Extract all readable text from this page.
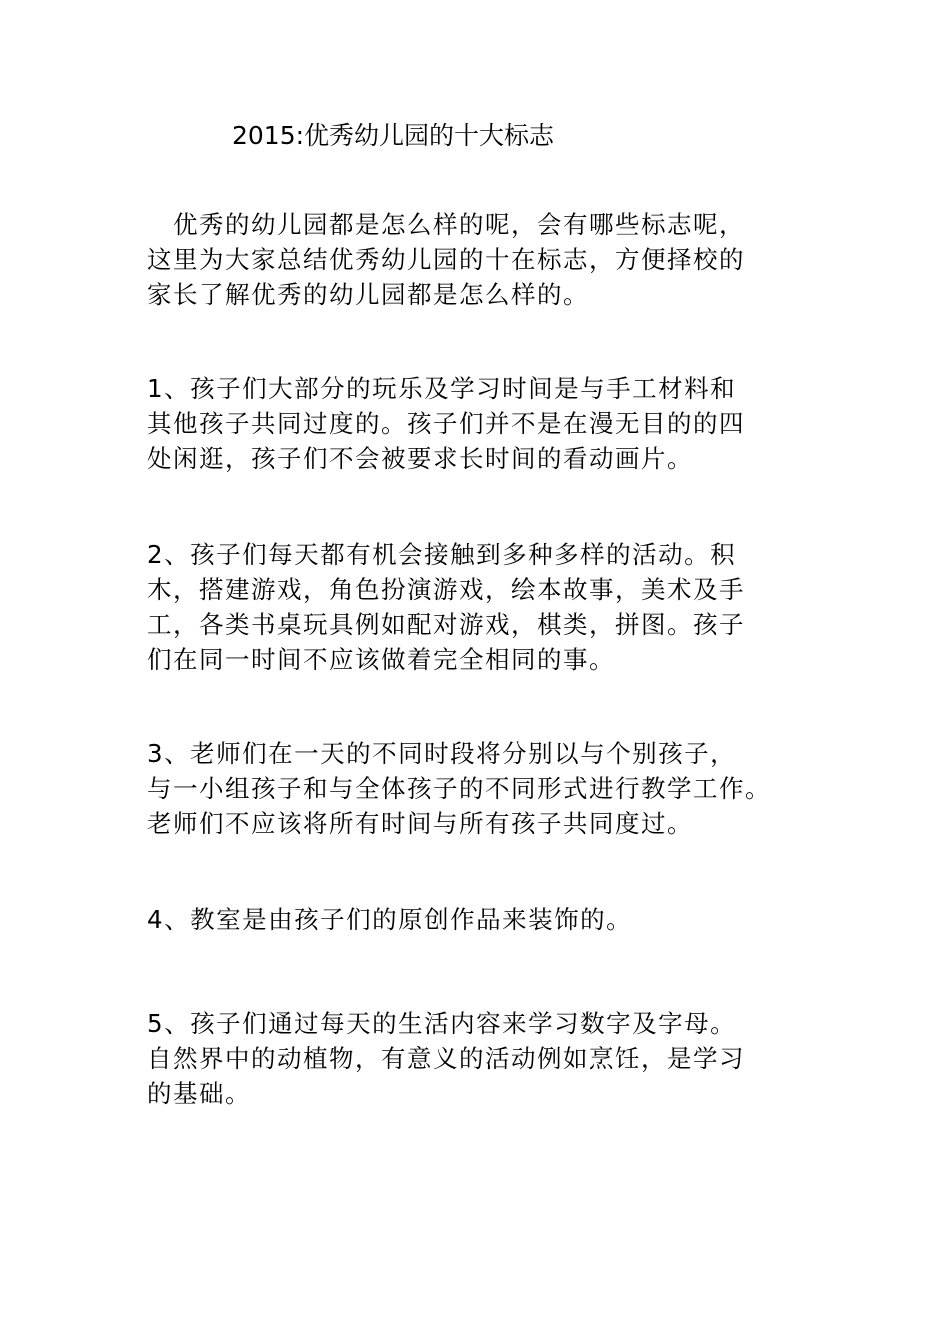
2015:优秀幼儿园的十大标志

　优秀的幼儿园都是怎么样的呢，会有哪些标志呢，
这里为大家总结优秀幼儿园的十在标志，方便择校的
家长了解优秀的幼儿园都是怎么样的。

1、孩子们大部分的玩乐及学习时间是与手工材料和
其他孩子共同过度的。孩子们并不是在漫无目的的四
处闲逛，孩子们不会被要求长时间的看动画片。

2、孩子们每天都有机会接触到多种多样的活动。积
木，搭建游戏，角色扮演游戏，绘本故事，美术及手
工，各类书桌玩具例如配对游戏，棋类，拼图。孩子
们在同一时间不应该做着完全相同的事。

3、老师们在一天的不同时段将分别以与个别孩子，
与一小组孩子和与全体孩子的不同形式进行教学工作。
老师们不应该将所有时间与所有孩子共同度过。

4、教室是由孩子们的原创作品来装饰的。

5、孩子们通过每天的生活内容来学习数字及字母。
自然界中的动植物，有意义的活动例如烹饪，是学习
的基础。
